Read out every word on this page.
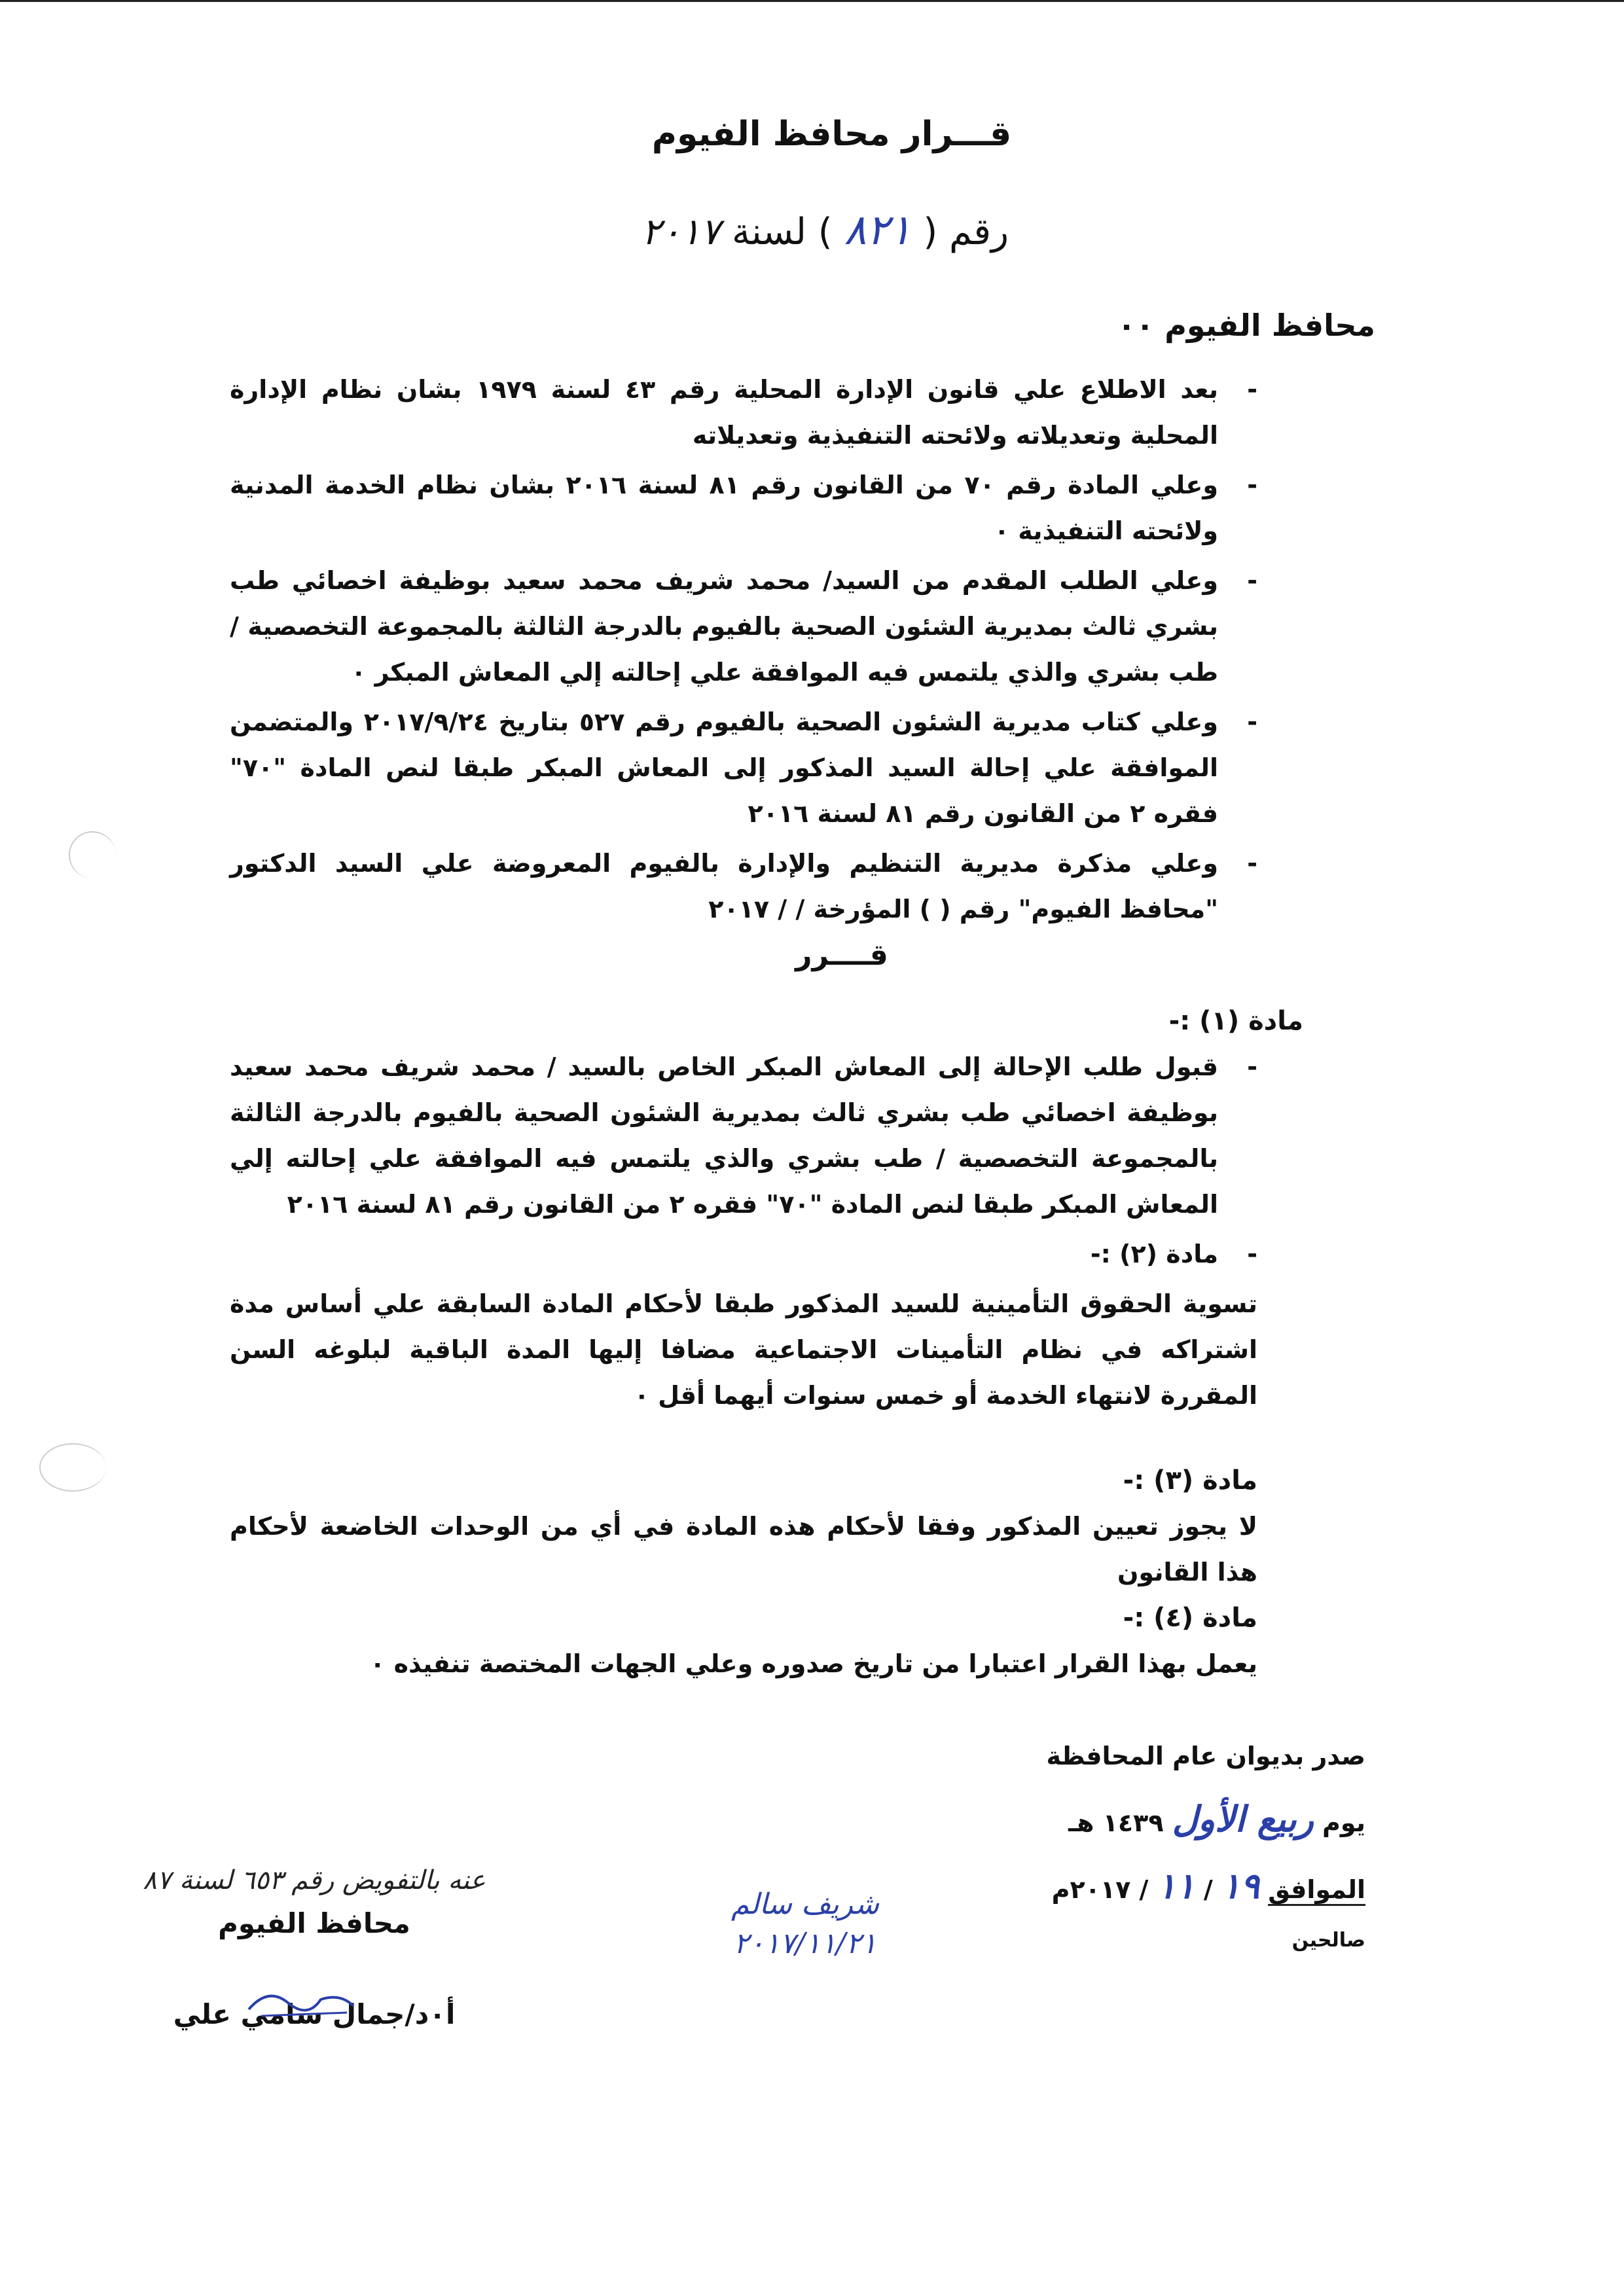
قـــرار محافظ الفيوم
رقم ( ٨٢١ ) لسنة ٢٠١٧
محافظ الفيوم ٠٠
- بعد الاطلاع علي قانون الإدارة المحلية رقم ٤٣ لسنة ١٩٧٩ بشان نظام الإدارة المحلية وتعديلاته ولائحته التنفيذية وتعديلاته
- وعلي المادة رقم ٧٠ من القانون رقم ٨١ لسنة ٢٠١٦ بشان نظام الخدمة المدنية ولائحته التنفيذية ٠
- وعلي الطلب المقدم من السيد/ محمد شريف محمد سعيد بوظيفة اخصائي طب بشري ثالث بمديرية الشئون الصحية بالفيوم بالدرجة الثالثة بالمجموعة التخصصية / طب بشري والذي يلتمس فيه الموافقة علي إحالته إلي المعاش المبكر ٠
- وعلي كتاب مديرية الشئون الصحية بالفيوم رقم ٥٢٧ بتاريخ ٢٠١٧/٩/٢٤ والمتضمن الموافقة علي إحالة السيد المذكور إلى المعاش المبكر طبقا لنص المادة "٧٠" فقره ٢ من القانون رقم ٨١ لسنة ٢٠١٦
- وعلي مذكرة مديرية التنظيم والإدارة بالفيوم المعروضة علي السيد الدكتور "محافظ الفيوم" رقم ( ) المؤرخة / / ٢٠١٧
قــــرر
مادة (١) :-
- قبول طلب الإحالة إلى المعاش المبكر الخاص بالسيد / محمد شريف محمد سعيد بوظيفة اخصائي طب بشري ثالث بمديرية الشئون الصحية بالفيوم بالدرجة الثالثة بالمجموعة التخصصية / طب بشري والذي يلتمس فيه الموافقة علي إحالته إلي المعاش المبكر طبقا لنص المادة "٧٠" فقره ٢ من القانون رقم ٨١ لسنة ٢٠١٦
- مادة (٢) :-
تسوية الحقوق التأمينية للسيد المذكور طبقا لأحكام المادة السابقة علي أساس مدة اشتراكه في نظام التأمينات الاجتماعية مضافا إليها المدة الباقية لبلوغه السن المقررة لانتهاء الخدمة أو خمس سنوات أيهما أقل ٠
مادة (٣) :-
لا يجوز تعيين المذكور وفقا لأحكام هذه المادة في أي من الوحدات الخاضعة لأحكام هذا القانون
مادة (٤) :-
يعمل بهذا القرار اعتبارا من تاريخ صدوره وعلي الجهات المختصة تنفيذه ٠
صدر بديوان عام المحافظة
يوم ربيع الأول ١٤٣٩ هـ
الموافق ١٩ / ١١ / ٢٠١٧م
صالحين
شريف سالم
٢٠١٧/١١/٢١
عنه بالتفويض رقم ٦٥٣ لسنة ٨٧
محافظ الفيوم
أ٠د/جمال سامي علي
